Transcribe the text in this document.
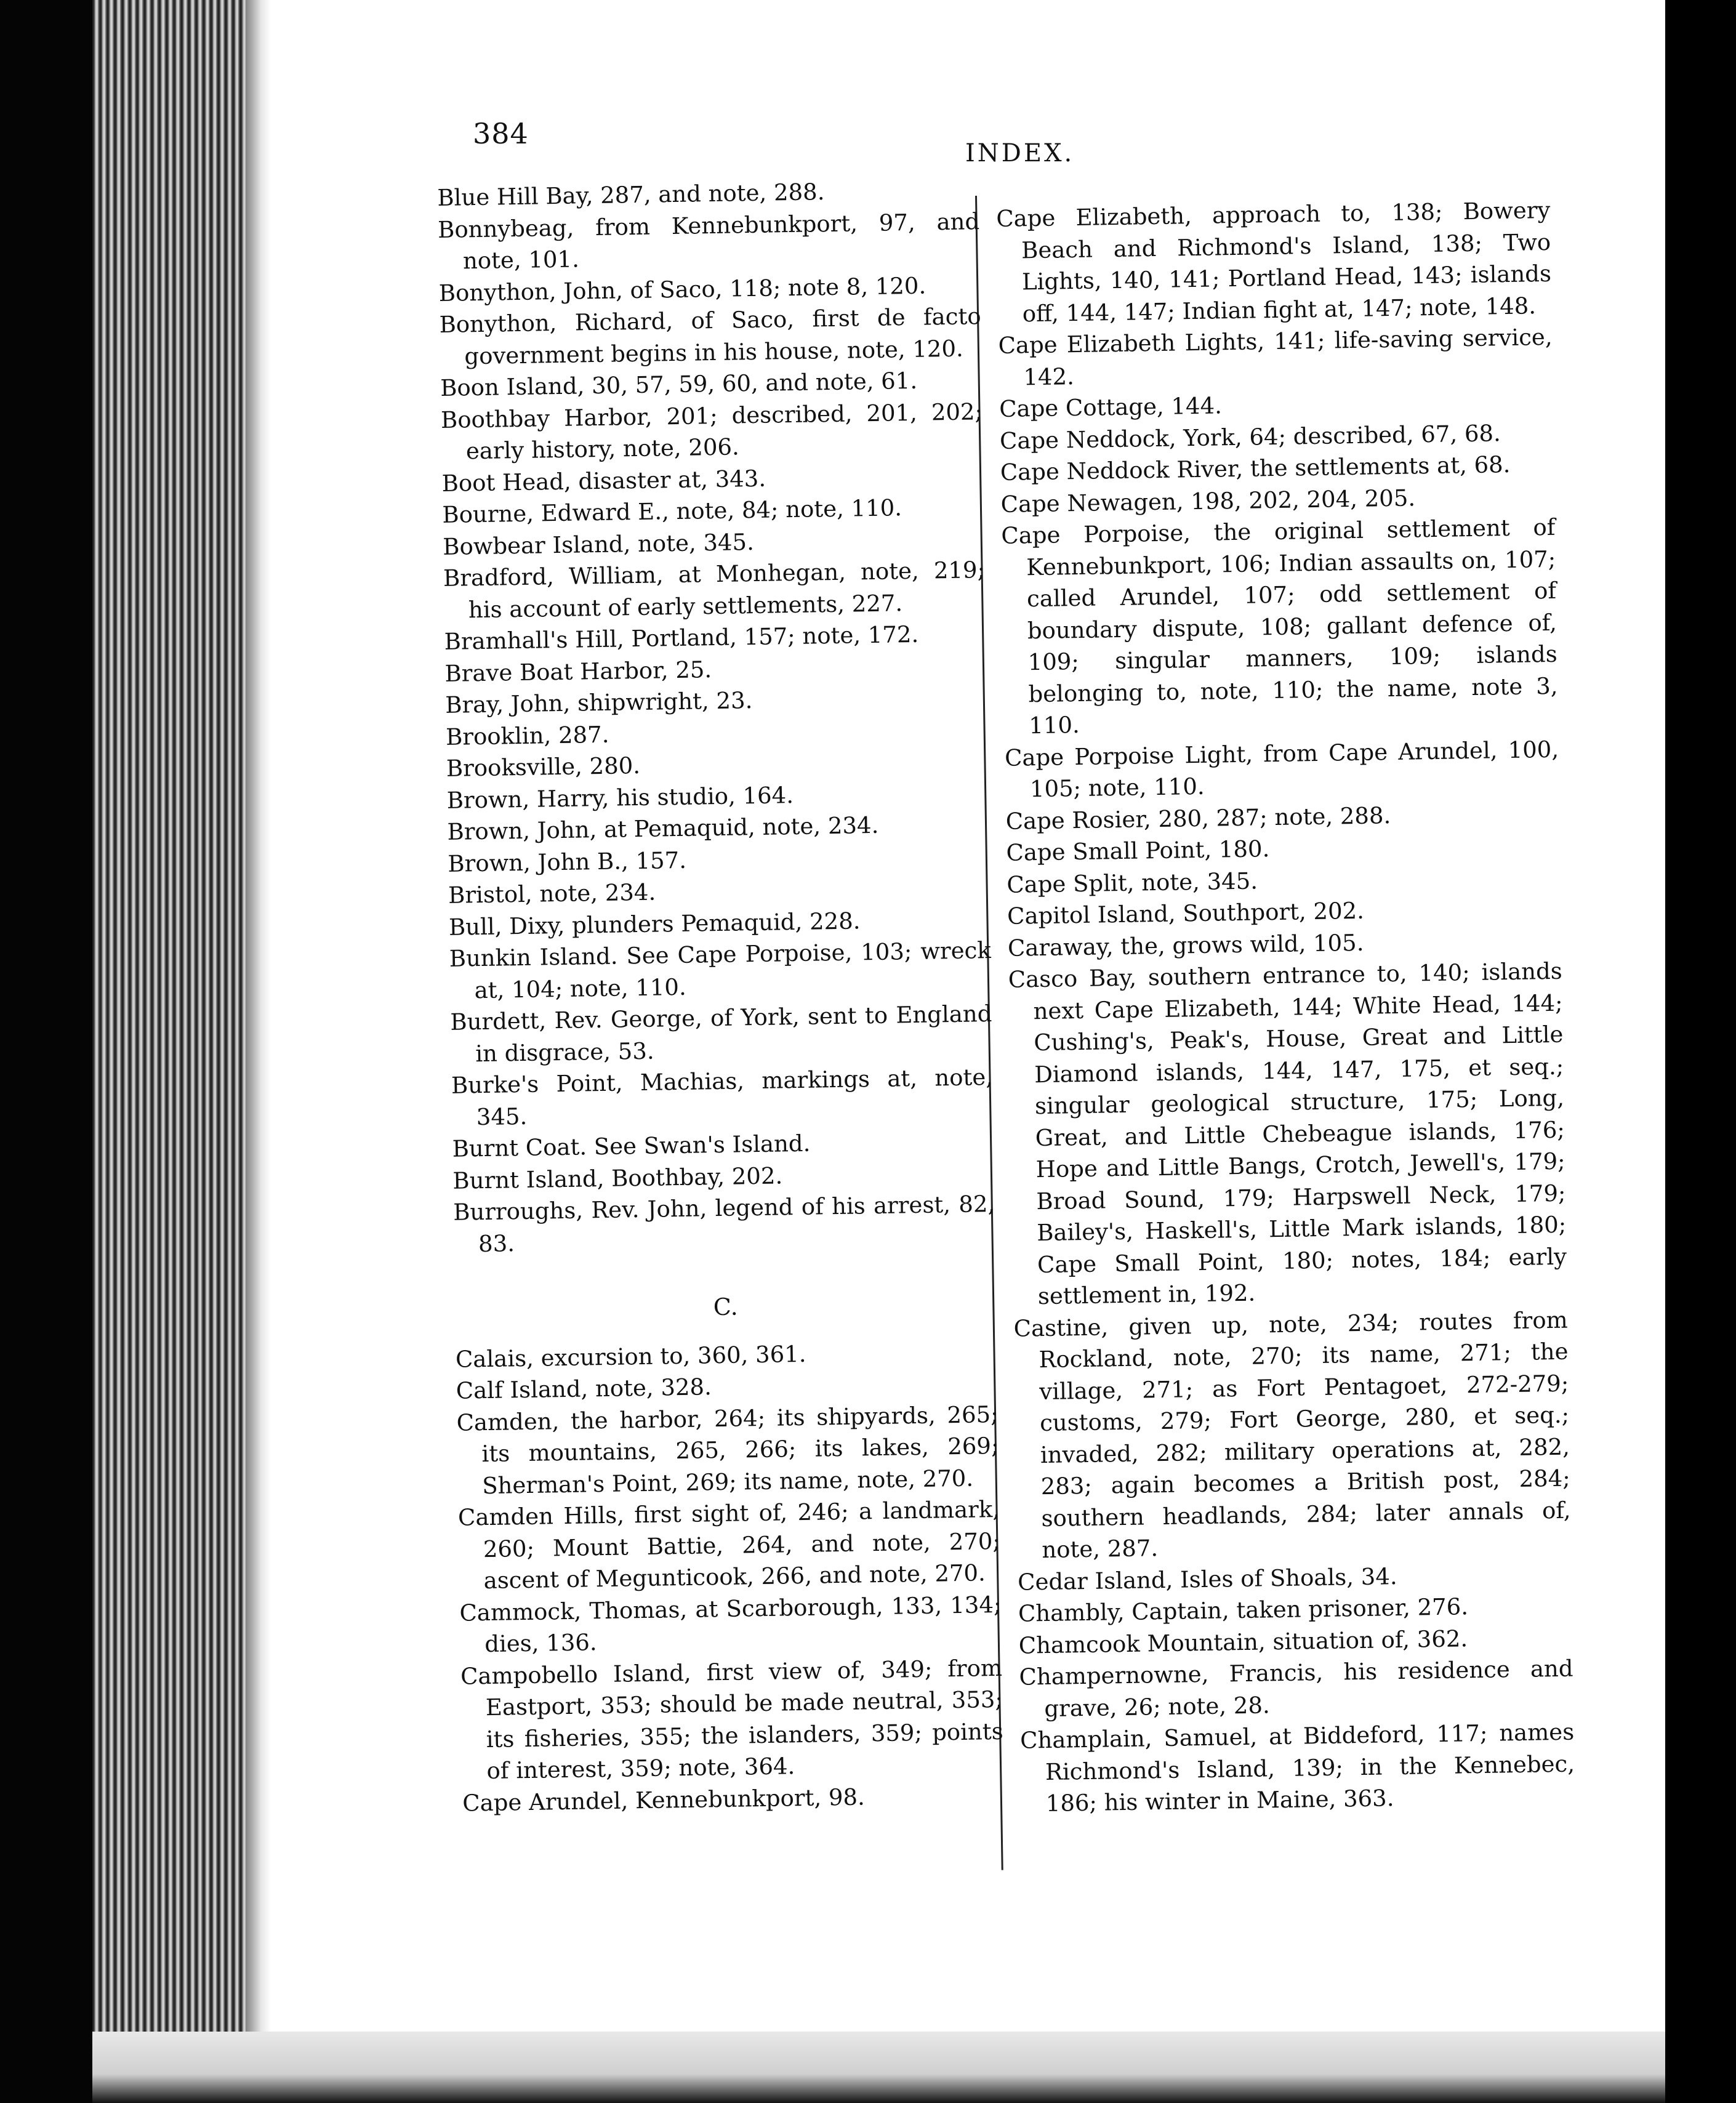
384
INDEX.

Blue Hill Bay, 287, and note, 288.

Bonnybeag, from Kennebunkport, 97, and note, 101.

Bonython, John, of Saco, 118; note 8, 120.

Bonython, Richard, of Saco, first de facto government begins in his house, note, 120.

Boon Island, 30, 57, 59, 60, and note, 61.

Boothbay Harbor, 201; described, 201, 202; early history, note, 206.

Boot Head, disaster at, 343.

Bourne, Edward E., note, 84; note, 110.

Bowbear Island, note, 345.

Bradford, William, at Monhegan, note, 219; his account of early settlements, 227.

Bramhall's Hill, Portland, 157; note, 172.

Brave Boat Harbor, 25.

Bray, John, shipwright, 23.

Brooklin, 287.

Brooksville, 280.

Brown, Harry, his studio, 164.

Brown, John, at Pemaquid, note, 234.

Brown, John B., 157.

Bristol, note, 234.

Bull, Dixy, plunders Pemaquid, 228.

Bunkin Island. See Cape Porpoise, 103; wreck at, 104; note, 110.

Burdett, Rev. George, of York, sent to England in disgrace, 53.

Burke's Point, Machias, markings at, note, 345.

Burnt Coat. See Swan's Island.

Burnt Island, Boothbay, 202.

Burroughs, Rev. John, legend of his arrest, 82, 83.

C.

Calais, excursion to, 360, 361.

Calf Island, note, 328.

Camden, the harbor, 264; its shipyards, 265; its mountains, 265, 266; its lakes, 269; Sherman's Point, 269; its name, note, 270.

Camden Hills, first sight of, 246; a landmark, 260; Mount Battie, 264, and note, 270; ascent of Megunticook, 266, and note, 270.

Cammock, Thomas, at Scarborough, 133, 134; dies, 136.

Campobello Island, first view of, 349; from Eastport, 353; should be made neutral, 353; its fisheries, 355; the islanders, 359; points of interest, 359; note, 364.

Cape Arundel, Kennebunkport, 98.

Cape Elizabeth, approach to, 138; Bowery Beach and Richmond's Island, 138; Two Lights, 140, 141; Portland Head, 143; islands off, 144, 147; Indian fight at, 147; note, 148.

Cape Elizabeth Lights, 141; life-saving service, 142.

Cape Cottage, 144.

Cape Neddock, York, 64; described, 67, 68.

Cape Neddock River, the settlements at, 68.

Cape Newagen, 198, 202, 204, 205.

Cape Porpoise, the original settlement of Kennebunkport, 106; Indian assaults on, 107; called Arundel, 107; odd settlement of boundary dispute, 108; gallant defence of, 109; singular manners, 109; islands belonging to, note, 110; the name, note 3, 110.

Cape Porpoise Light, from Cape Arundel, 100, 105; note, 110.

Cape Rosier, 280, 287; note, 288.

Cape Small Point, 180.

Cape Split, note, 345.

Capitol Island, Southport, 202.

Caraway, the, grows wild, 105.

Casco Bay, southern entrance to, 140; islands next Cape Elizabeth, 144; White Head, 144; Cushing's, Peak's, House, Great and Little Diamond islands, 144, 147, 175, et seq.; singular geological structure, 175; Long, Great, and Little Chebeague islands, 176; Hope and Little Bangs, Crotch, Jewell's, 179; Broad Sound, 179; Harpswell Neck, 179; Bailey's, Haskell's, Little Mark islands, 180; Cape Small Point, 180; notes, 184; early settlement in, 192.

Castine, given up, note, 234; routes from Rockland, note, 270; its name, 271; the village, 271; as Fort Pentagoet, 272-279; customs, 279; Fort George, 280, et seq.; invaded, 282; military operations at, 282, 283; again becomes a British post, 284; southern headlands, 284; later annals of, note, 287.

Cedar Island, Isles of Shoals, 34.

Chambly, Captain, taken prisoner, 276.

Chamcook Mountain, situation of, 362.

Champernowne, Francis, his residence and grave, 26; note, 28.

Champlain, Samuel, at Biddeford, 117; names Richmond's Island, 139; in the Kennebec, 186; his winter in Maine, 363.
